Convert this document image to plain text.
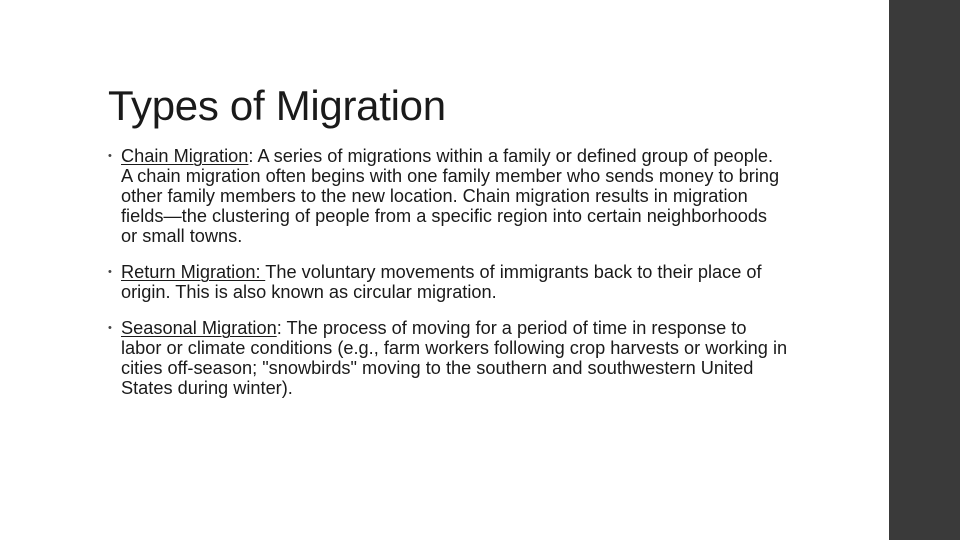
Types of Migration
• Chain Migration: A series of migrations within a family or defined group of people. A chain migration often begins with one family member who sends money to bring other family members to the new location. Chain migration results in migration fields—the clustering of people from a specific region into certain neighborhoods or small towns.
• Return Migration: The voluntary movements of immigrants back to their place of origin. This is also known as circular migration.
• Seasonal Migration: The process of moving for a period of time in response to labor or climate conditions (e.g., farm workers following crop harvests or working in cities off-season; "snowbirds" moving to the southern and southwestern United States during winter).
